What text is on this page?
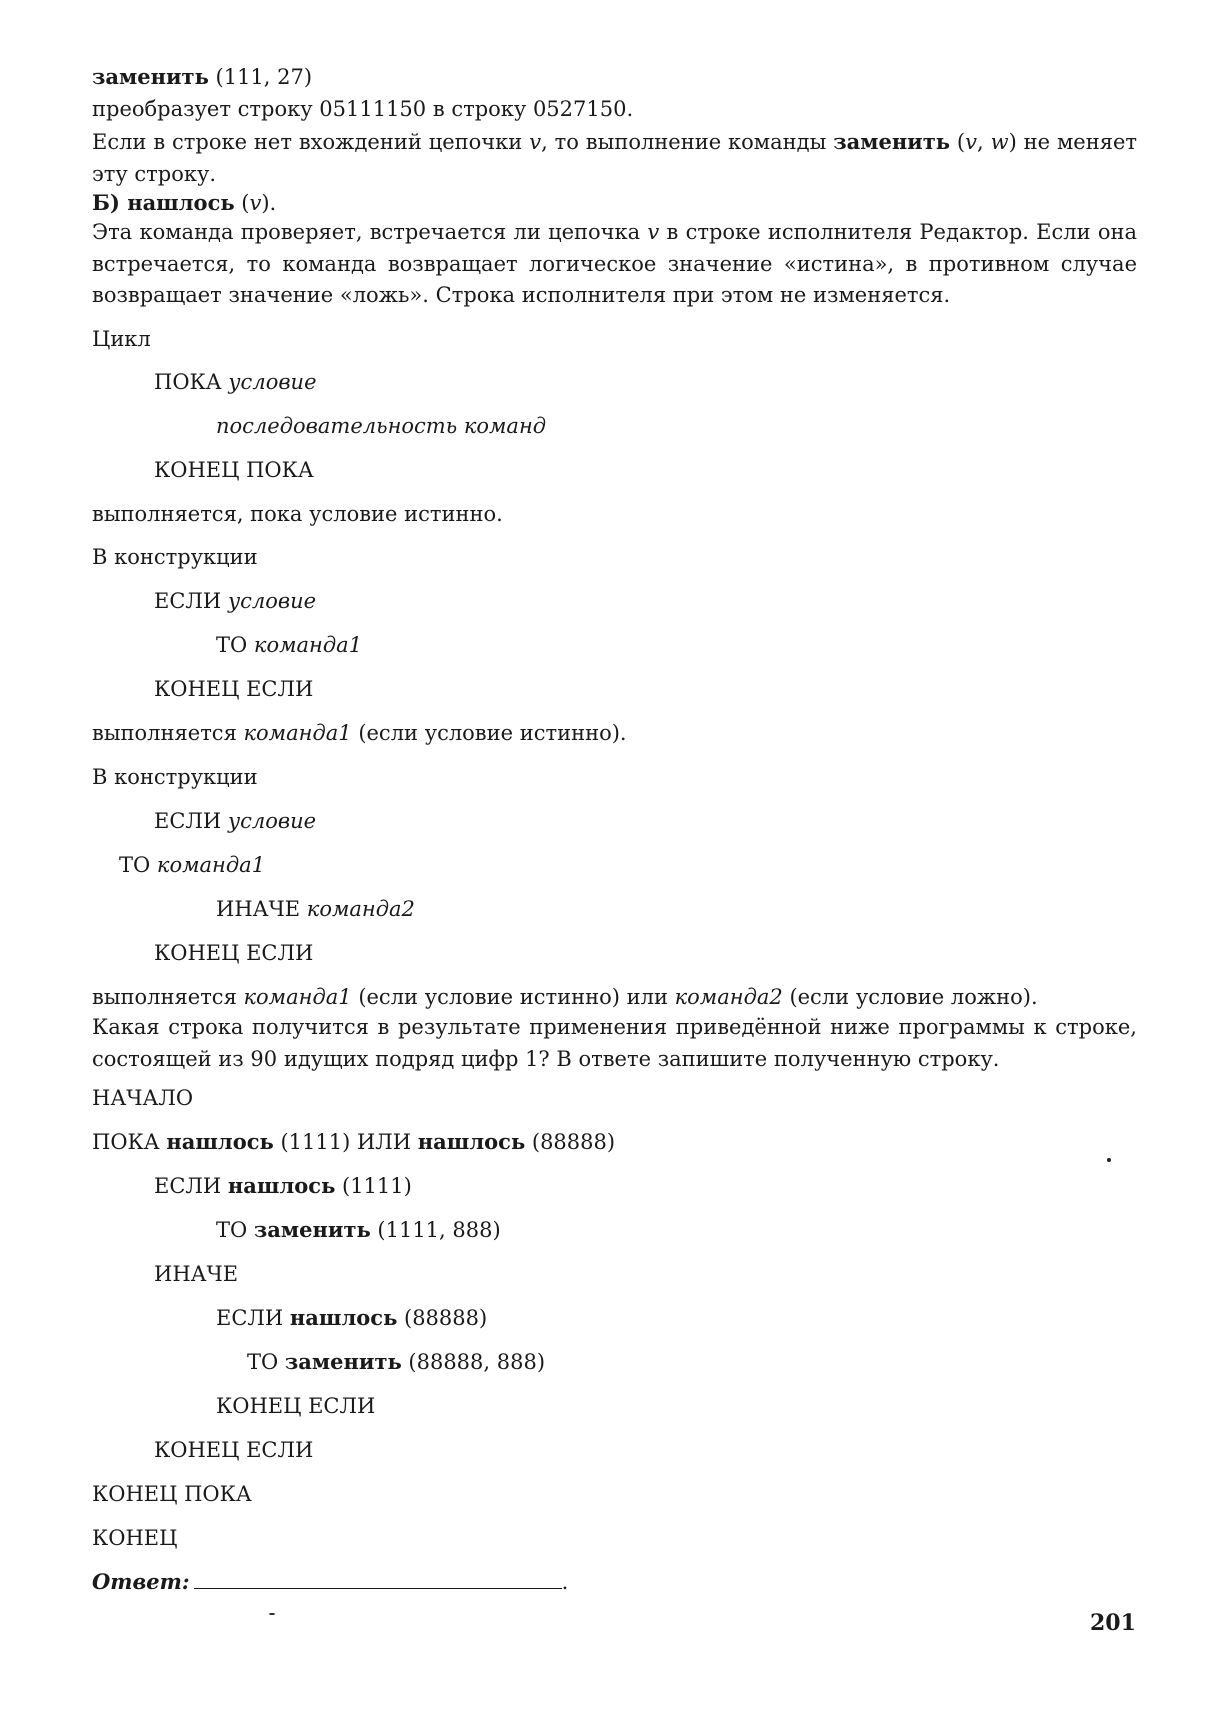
заменить (111, 27)
преобразует строку 05111150 в строку 0527150.
Если в строке нет вхождений цепочки v, то выполнение команды заменить (v, w) не меняет эту строку.
Б) нашлось (v).
Эта команда проверяет, встречается ли цепочка v в строке исполнителя Редактор. Если она встречается, то команда возвращает логическое значение «истина», в противном случае возвращает значение «ложь». Строка исполнителя при этом не изменяется.
Цикл
ПОКА условие
последовательность команд
КОНЕЦ ПОКА
выполняется, пока условие истинно.
В конструкции
ЕСЛИ условие
ТО команда1
КОНЕЦ ЕСЛИ
выполняется команда1 (если условие истинно).
В конструкции
ЕСЛИ условие
ТО команда1
ИНАЧЕ команда2
КОНЕЦ ЕСЛИ
выполняется команда1 (если условие истинно) или команда2 (если условие ложно).
Какая строка получится в результате применения приведённой ниже программы к строке, состоящей из 90 идущих подряд цифр 1? В ответе запишите полученную строку.
НАЧАЛО
ПОКА нашлось (1111) ИЛИ нашлось (88888)
ЕСЛИ нашлось (1111)
ТО заменить (1111, 888)
ИНАЧЕ
ЕСЛИ нашлось (88888)
ТО заменить (88888, 888)
КОНЕЦ ЕСЛИ
КОНЕЦ ЕСЛИ
КОНЕЦ ПОКА
КОНЕЦ
Ответ:	.
201
